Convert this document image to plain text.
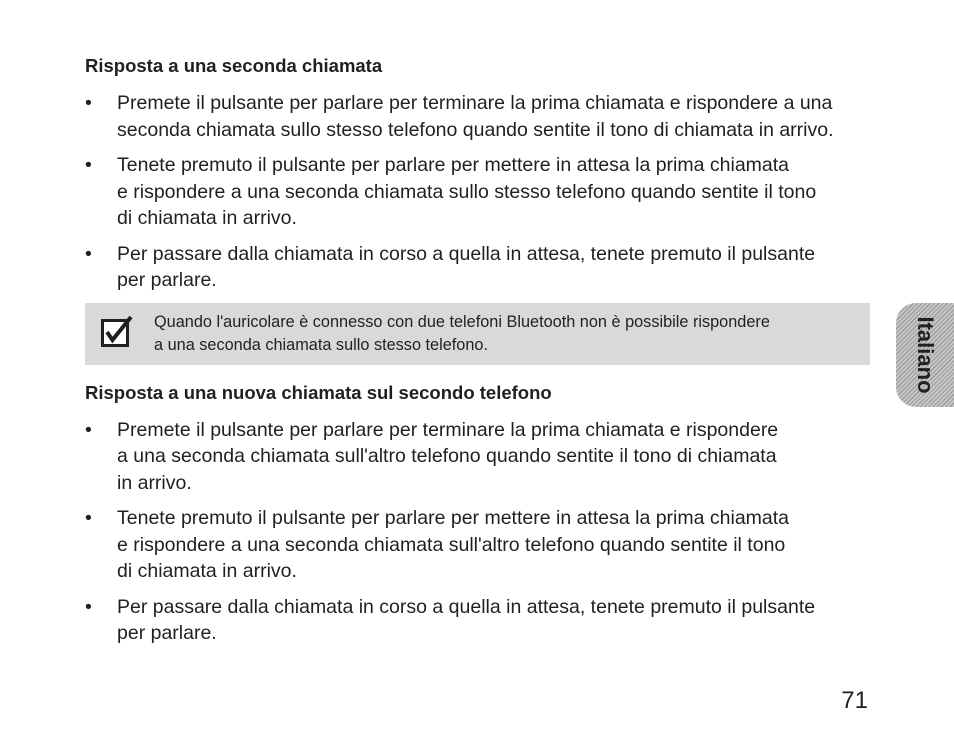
Risposta a una seconda chiamata
• Premete il pulsante per parlare per terminare la prima chiamata e rispondere a una
seconda chiamata sullo stesso telefono quando sentite il tono di chiamata in arrivo.
• Tenete premuto il pulsante per parlare per mettere in attesa la prima chiamata
e rispondere a una seconda chiamata sullo stesso telefono quando sentite il tono
di chiamata in arrivo.
• Per passare dalla chiamata in corso a quella in attesa, tenete premuto il pulsante
per parlare.
Quando l'auricolare è connesso con due telefoni Bluetooth non è possibile rispondere
a una seconda chiamata sullo stesso telefono.
Risposta a una nuova chiamata sul secondo telefono
• Premete il pulsante per parlare per terminare la prima chiamata e rispondere
a una seconda chiamata sull'altro telefono quando sentite il tono di chiamata
in arrivo.
• Tenete premuto il pulsante per parlare per mettere in attesa la prima chiamata
e rispondere a una seconda chiamata sull'altro telefono quando sentite il tono
di chiamata in arrivo.
• Per passare dalla chiamata in corso a quella in attesa, tenete premuto il pulsante
per parlare.
Italiano
71
